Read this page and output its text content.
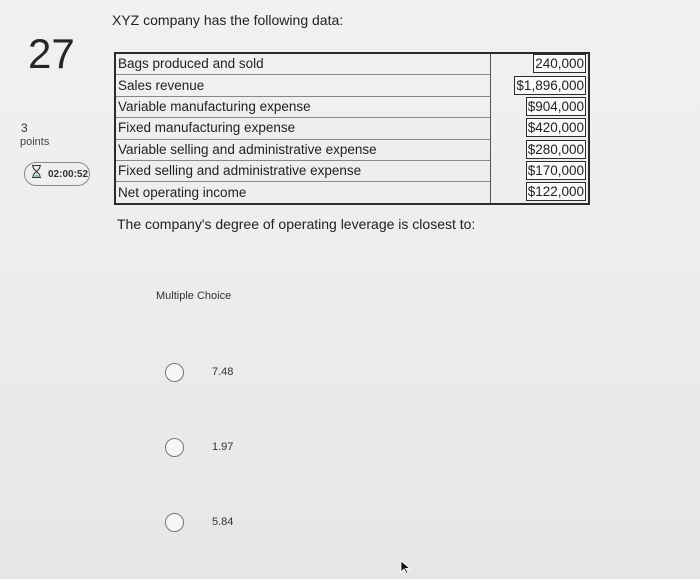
27
3
points
02:00:52
XYZ company has the following data:
Bags produced and sold	240,000
Sales revenue	$1,896,000
Variable manufacturing expense	$904,000
Fixed manufacturing expense	$420,000
Variable selling and administrative expense	$280,000
Fixed selling and administrative expense	$170,000
Net operating income	$122,000
The company's degree of operating leverage is closest to:
Multiple Choice
7.48
1.97
5.84
